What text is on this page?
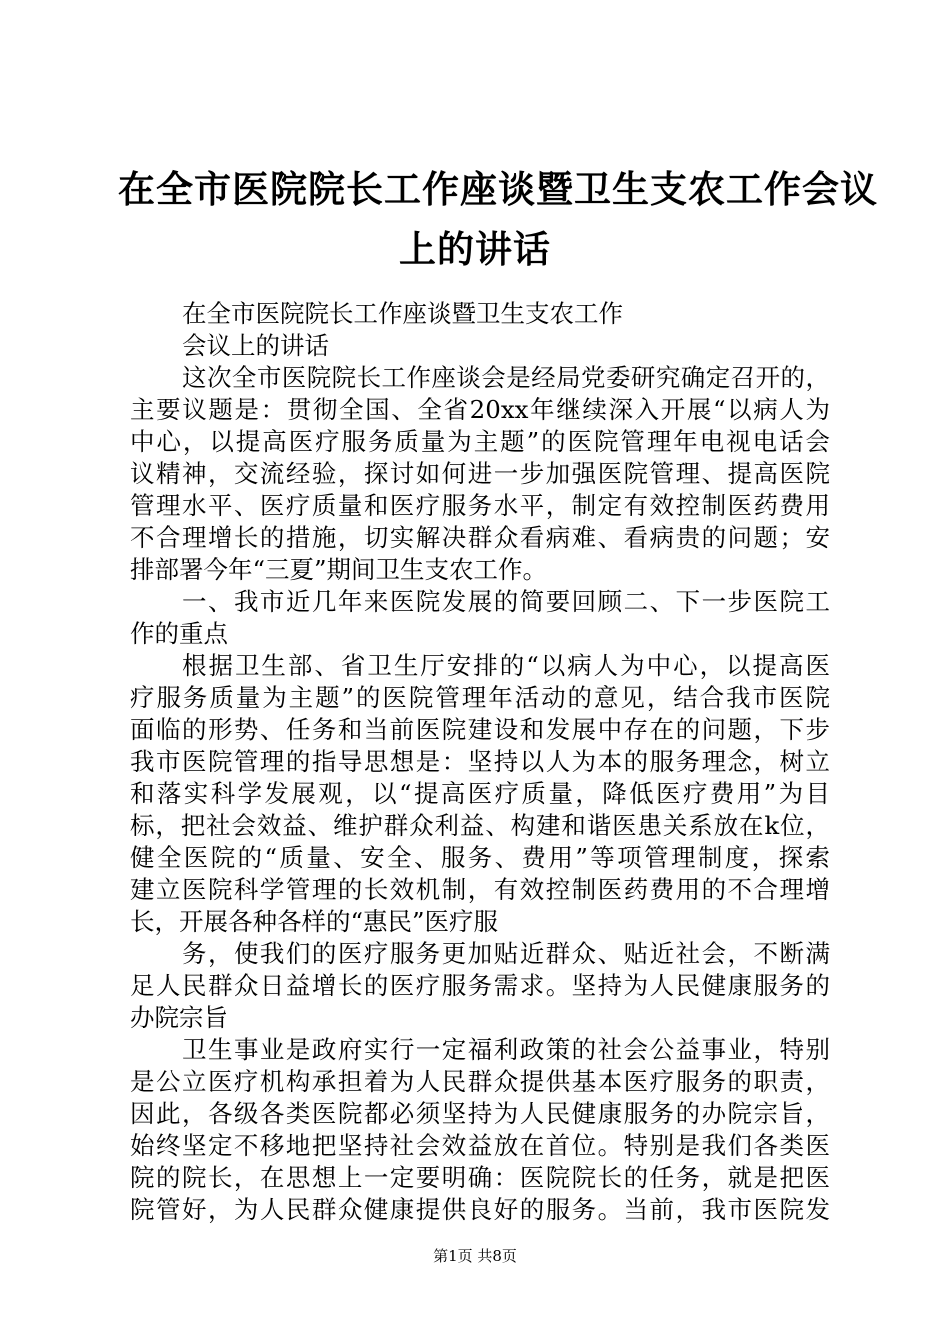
在全市医院院长工作座谈暨卫生支农工作会议
上的讲话
在全市医院院长工作座谈暨卫生支农工作
会议上的讲话
这次全市医院院长工作座谈会是经局党委研究确定召开的，
主要议题是：贯彻全国、全省20xx年继续深入开展“以病人为
中心，以提高医疗服务质量为主题”的医院管理年电视电话会
议精神，交流经验，探讨如何进一步加强医院管理、提高医院
管理水平、医疗质量和医疗服务水平，制定有效控制医药费用
不合理增长的措施，切实解决群众看病难、看病贵的问题；安
排部署今年“三夏”期间卫生支农工作。
一、我市近几年来医院发展的简要回顾二、下一步医院工
作的重点
根据卫生部、省卫生厅安排的“以病人为中心，以提高医
疗服务质量为主题”的医院管理年活动的意见，结合我市医院
面临的形势、任务和当前医院建设和发展中存在的问题，下步
我市医院管理的指导思想是：坚持以人为本的服务理念，树立
和落实科学发展观，以“提高医疗质量，降低医疗费用”为目
标，把社会效益、维护群众利益、构建和谐医患关系放在k位，
健全医院的“质量、安全、服务、费用”等项管理制度，探索
建立医院科学管理的长效机制，有效控制医药费用的不合理增
长，开展各种各样的“惠民”医疗服
务，使我们的医疗服务更加贴近群众、贴近社会，不断满
足人民群众日益增长的医疗服务需求。坚持为人民健康服务的
办院宗旨
卫生事业是政府实行一定福利政策的社会公益事业，特别
是公立医疗机构承担着为人民群众提供基本医疗服务的职责，
因此，各级各类医院都必须坚持为人民健康服务的办院宗旨，
始终坚定不移地把坚持社会效益放在首位。特别是我们各类医
院的院长，在思想上一定要明确：医院院长的任务，就是把医
院管好，为人民群众健康提供良好的服务。当前，我市医院发
第1页 共8页
